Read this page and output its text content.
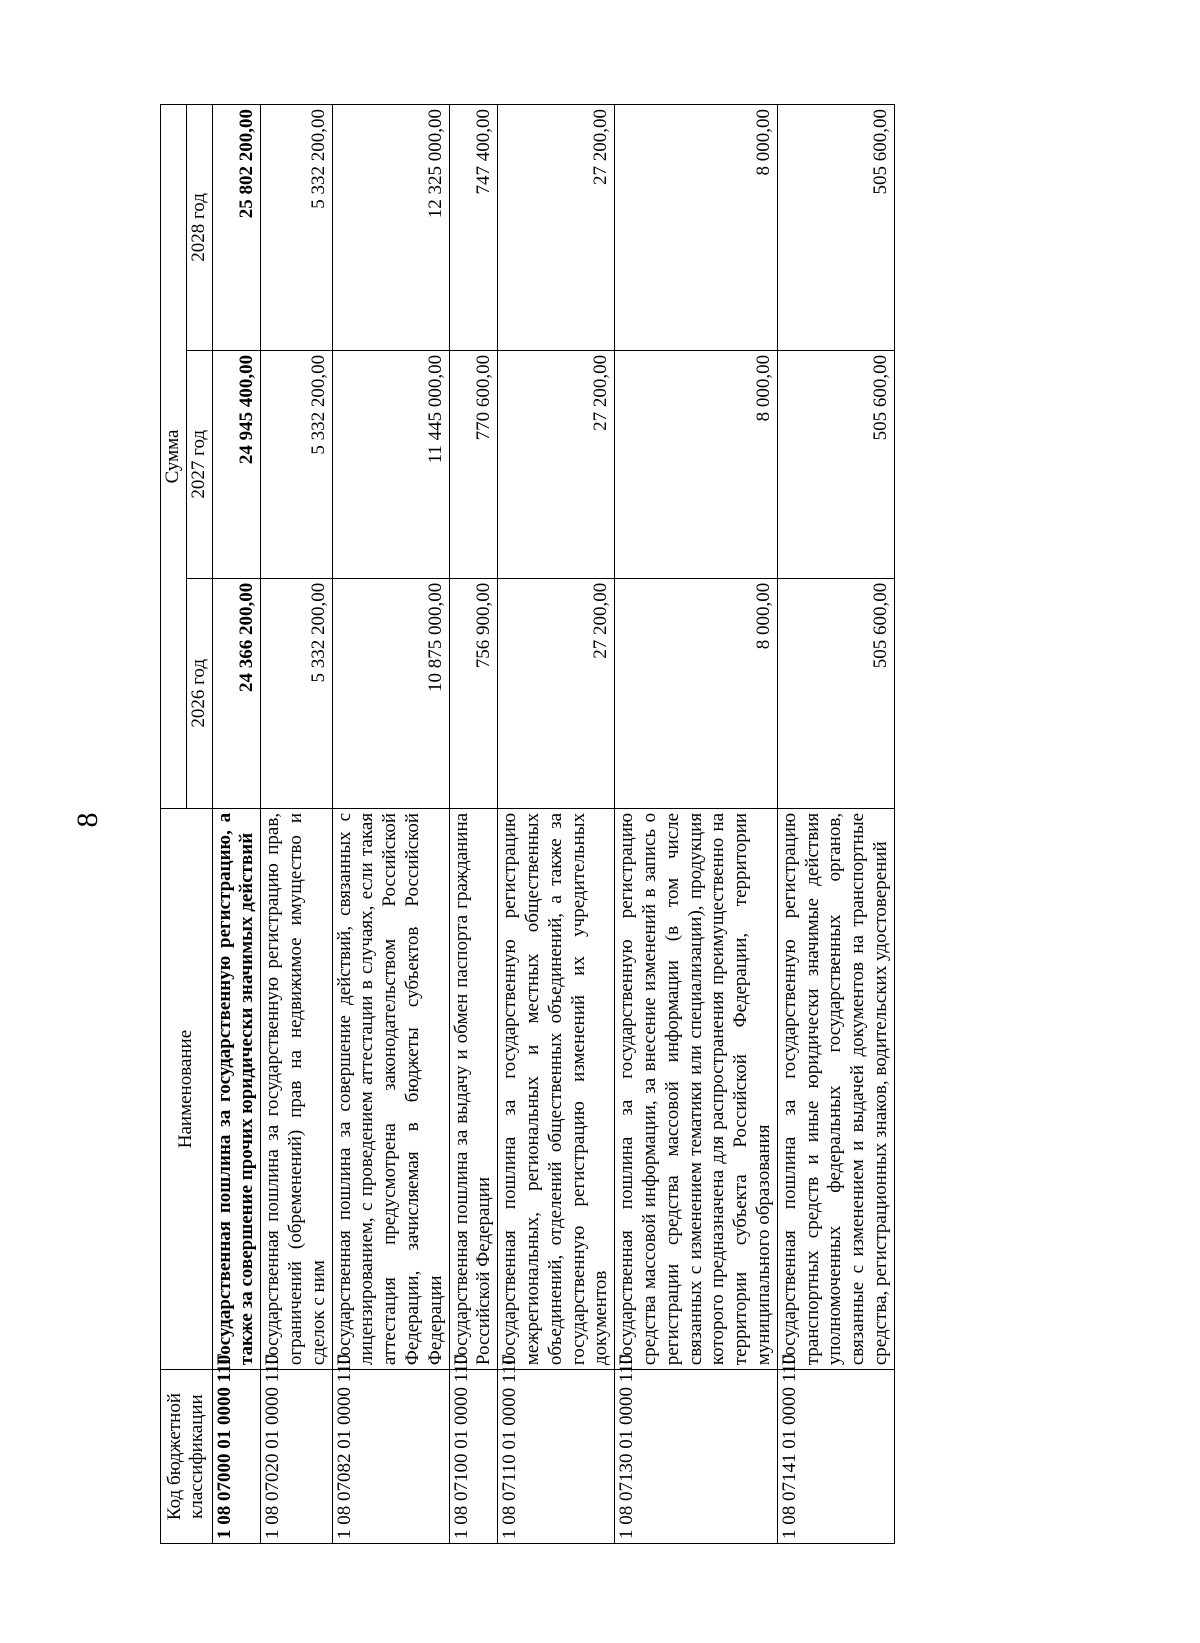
8
Код бюджетной классификации	Наименование	Сумма		
		2026 год	2027 год	2028 год
1 08 07000 01 0000 110	Государственная пошлина за государственную регистрацию, а также за совершение прочих юридически значимых действий	24 366 200,00	24 945 400,00	25 802 200,00
1 08 07020 01 0000 110	Государственная пошлина за государственную регистрацию прав, ограничений (обременений) прав на недвижимое имущество и сделок с ним	5 332 200,00	5 332 200,00	5 332 200,00
1 08 07082 01 0000 110	Государственная пошлина за совершение действий, связанных с лицензированием, с проведением аттестации в случаях, если такая аттестация предусмотрена законодательством Российской Федерации, зачисляемая в бюджеты субъектов Российской Федерации	10 875 000,00	11 445 000,00	12 325 000,00
1 08 07100 01 0000 110	Государственная пошлина за выдачу и обмен паспорта гражданина Российской Федерации	756 900,00	770 600,00	747 400,00
1 08 07110 01 0000 110	Государственная пошлина за государственную регистрацию межрегиональных, региональных и местных общественных объединений, отделений общественных объединений, а также за государственную регистрацию изменений их учредительных документов	27 200,00	27 200,00	27 200,00
1 08 07130 01 0000 110	Государственная пошлина за государственную регистрацию средства массовой информации, за внесение изменений в запись о регистрации средства массовой информации (в том числе связанных с изменением тематики или специализации), продукция которого предназначена для распространения преимущественно на территории субъекта Российской Федерации, территории муниципального образования	8 000,00	8 000,00	8 000,00
1 08 07141 01 0000 110	Государственная пошлина за государственную регистрацию транспортных средств и иные юридически значимые действия уполномоченных федеральных государственных органов, связанные с изменением и выдачей документов на транспортные средства, регистрационных знаков, водительских удостоверений	505 600,00	505 600,00	505 600,00
